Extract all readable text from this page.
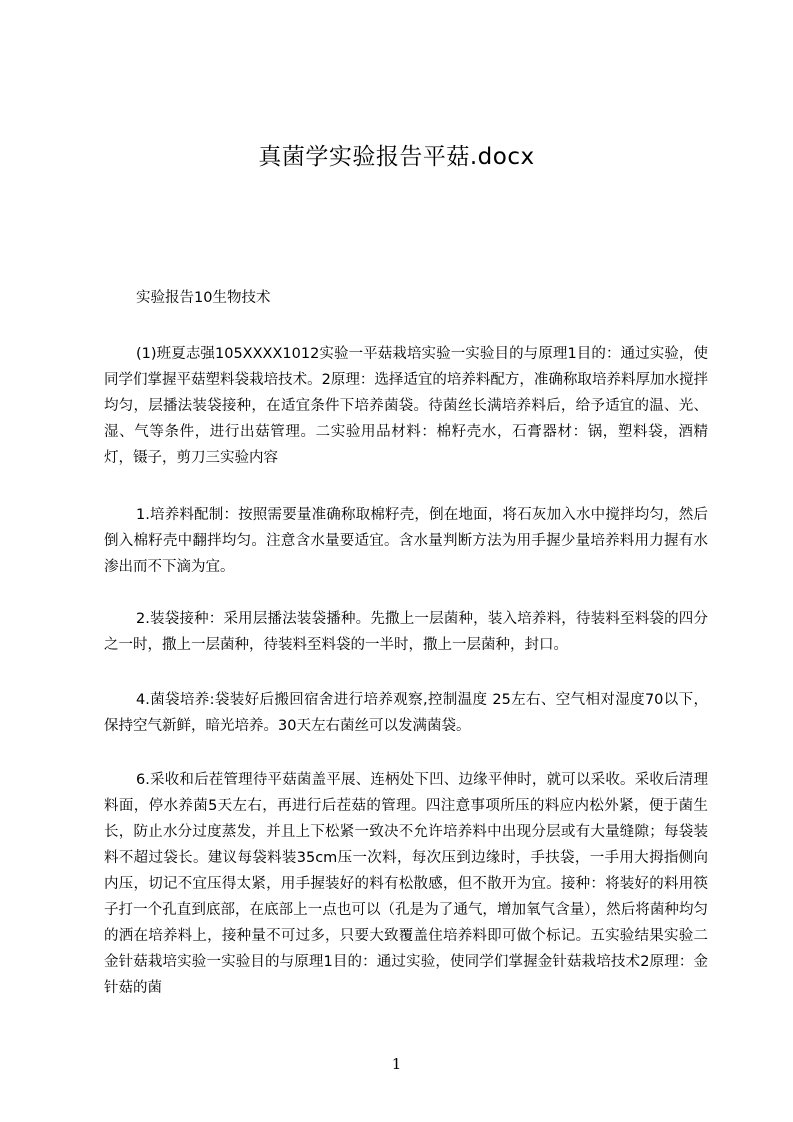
真菌学实验报告平菇.docx
实验报告10生物技术
(1)班夏志强105XXXX1012实验一平菇栽培实验一实验目的与原理1目的：通过实验，使同学们掌握平菇塑料袋栽培技术。2原理：选择适宜的培养料配方，准确称取培养料厚加水搅拌均匀，层播法装袋接种，在适宜条件下培养菌袋。待菌丝长满培养料后，给予适宜的温、光、湿、气等条件，进行出菇管理。二实验用品材料：棉籽壳水，石膏器材：锅，塑料袋，酒精灯，镊子，剪刀三实验内容
1.培养料配制：按照需要量准确称取棉籽壳，倒在地面，将石灰加入水中搅拌均匀，然后倒入棉籽壳中翻拌均匀。注意含水量要适宜。含水量判断方法为用手握少量培养料用力握有水渗出而不下滴为宜。
2.装袋接种：采用层播法装袋播种。先撒上一层菌种，装入培养料，待装料至料袋的四分之一时，撒上一层菌种，待装料至料袋的一半时，撒上一层菌种，封口。
4.菌袋培养:袋装好后搬回宿舍进行培养观察,控制温度 25左右、空气相对湿度70以下，保持空气新鲜，暗光培养。30天左右菌丝可以发满菌袋。
6.采收和后茬管理待平菇菌盖平展、连柄处下凹、边缘平伸时，就可以采收。采收后清理料面，停水养菌5天左右，再进行后茬菇的管理。四注意事项所压的料应内松外紧，便于菌生长，防止水分过度蒸发，并且上下松紧一致决不允许培养料中出现分层或有大量缝隙；每袋装料不超过袋长。建议每袋料装35cm压一次料，每次压到边缘时，手扶袋，一手用大拇指侧向内压，切记不宜压得太紧，用手握装好的料有松散感，但不散开为宜。接种：将装好的料用筷子打一个孔直到底部，在底部上一点也可以（孔是为了通气，增加氧气含量），然后将菌种均匀的洒在培养料上，接种量不可过多，只要大致覆盖住培养料即可做个标记。五实验结果实验二金针菇栽培实验一实验目的与原理1目的：通过实验，使同学们掌握金针菇栽培技术2原理：金针菇的菌
1
